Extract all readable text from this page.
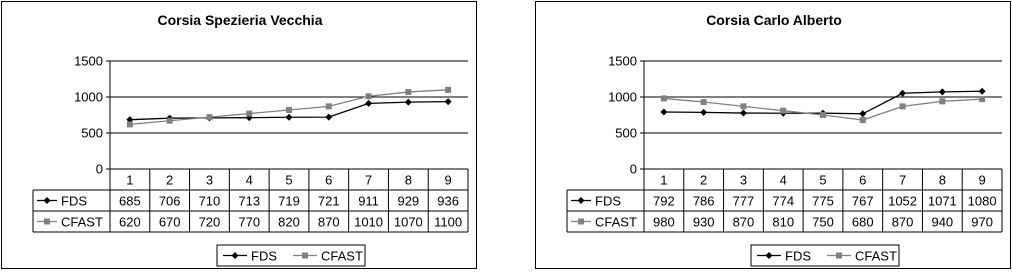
Corsia Spezieria Vecchia
0
500
1000
1500
1	2	3	4	5	6	7	8	9
FDS 685 706 710 713 719 721 911 929 936
CFAST 620 670 720 770 820 870 1010 1070 1100
FDS	CFAST
Corsia Carlo Alberto
0
500
1000
1500
1	2	3	4	5	6	7	8	9
FDS 792 786 777 774 775 767 1052 1071 1080
CFAST 980 930 870 810 750 680 870 940 970
FDS	CFAST
